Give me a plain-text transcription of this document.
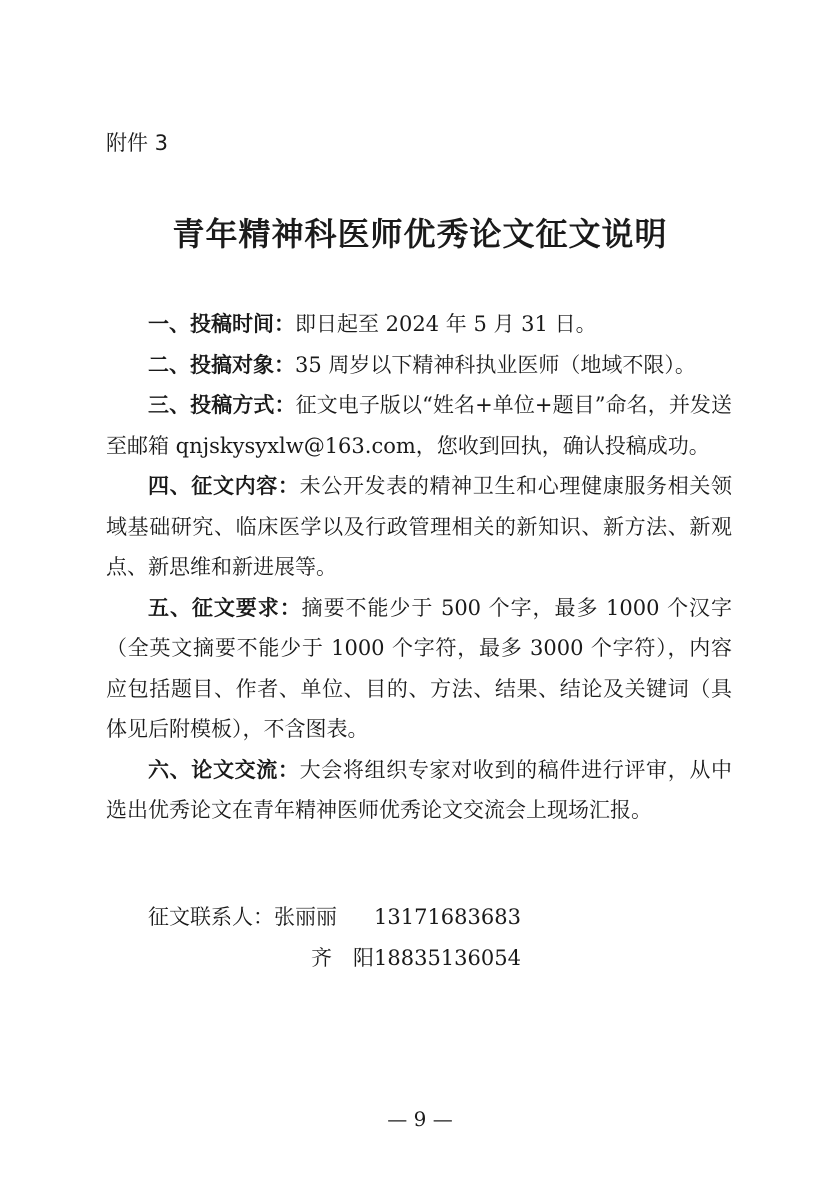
附件 3
青年精神科医师优秀论文征文说明

一、投稿时间：即日起至 2024 年 5 月 31 日。

二、投搞对象：35 周岁以下精神科执业医师（地域不限）。

三、投稿方式：征文电子版以“姓名+单位+题目”命名，并发送至邮箱 qnjskysyxlw@163.com，您收到回执，确认投稿成功。

四、征文内容：未公开发表的精神卫生和心理健康服务相关领域基础研究、临床医学以及行政管理相关的新知识、新方法、新观点、新思维和新进展等。

五、征文要求：摘要不能少于 500 个字，最多 1000 个汉字（全英文摘要不能少于 1000 个字符，最多 3000 个字符），内容应包括题目、作者、单位、目的、方法、结果、结论及关键词（具体见后附模板），不含图表。

六、论文交流：大会将组织专家对收到的稿件进行评审，从中选出优秀论文在青年精神医师优秀论文交流会上现场汇报。

征文联系人：张丽丽 13171683683
齐　阳18835136054
— 9 —
